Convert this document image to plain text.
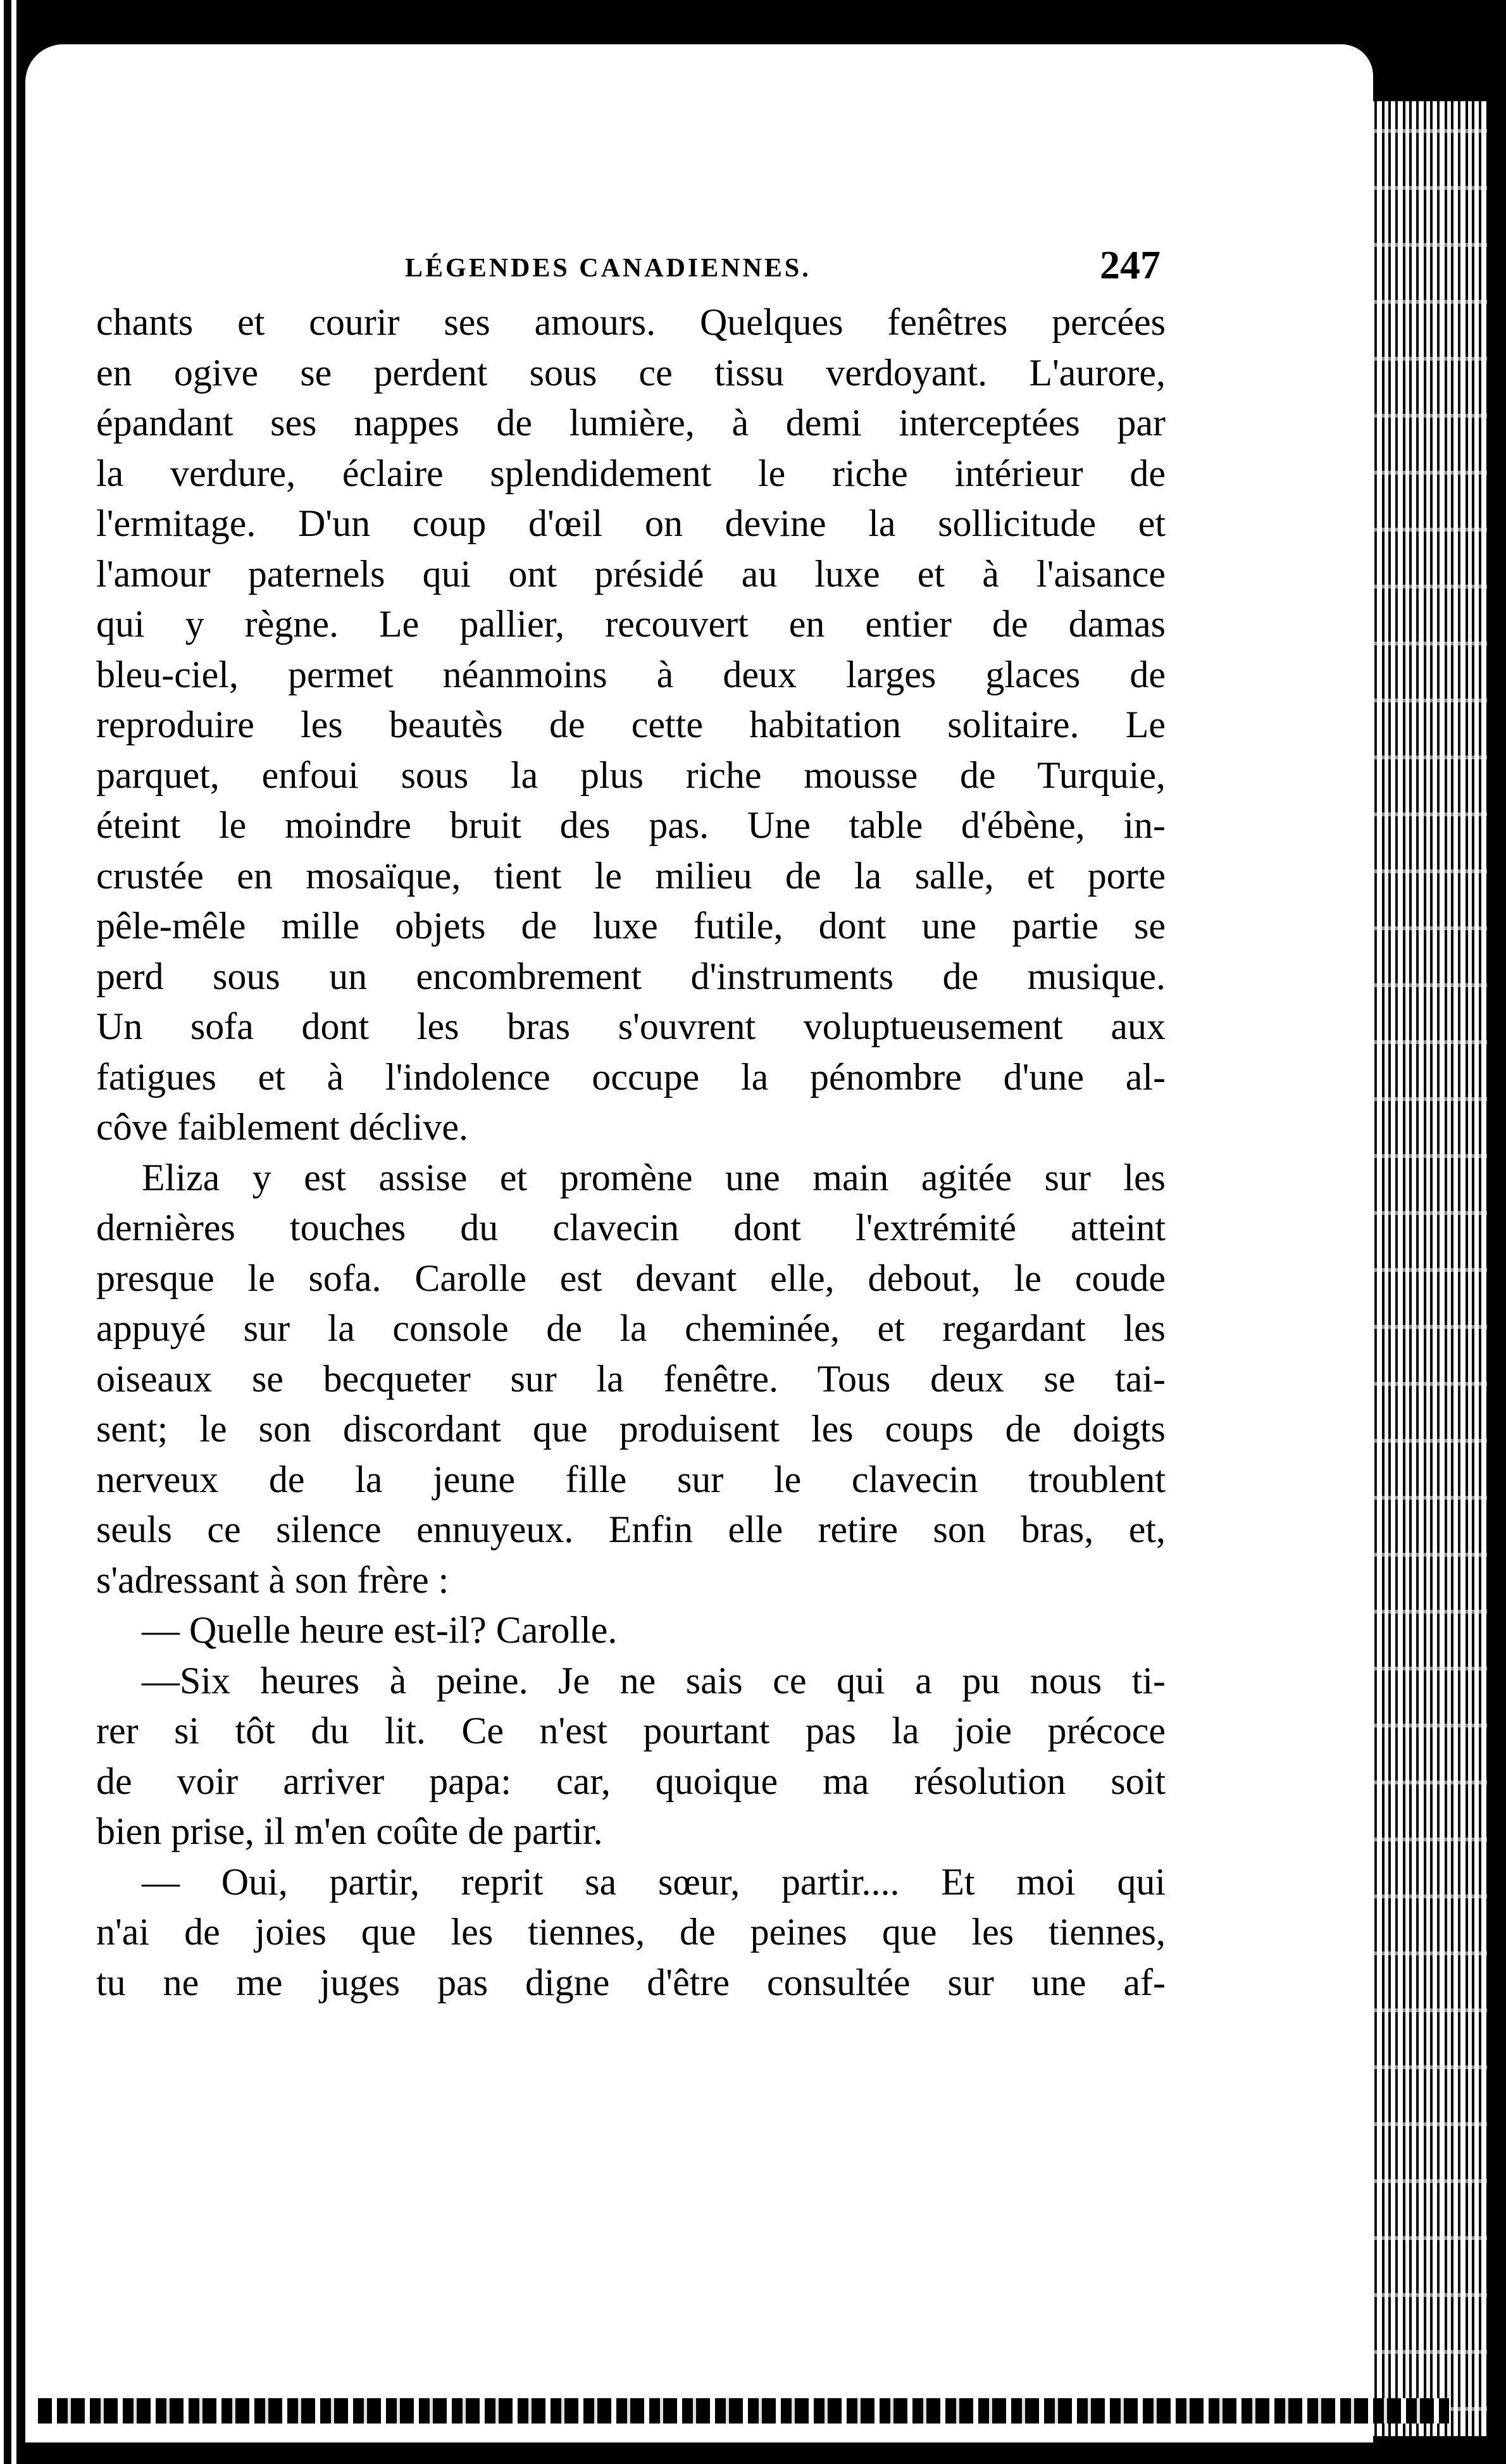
LÉGENDES CANADIENNES.	247
chants et courir ses amours. Quelques fenêtres percées
en ogive se perdent sous ce tissu verdoyant. L'aurore,
épandant ses nappes de lumière, à demi interceptées par
la verdure, éclaire splendidement le riche intérieur de
l'ermitage. D'un coup d'œil on devine la sollicitude et
l'amour paternels qui ont présidé au luxe et à l'aisance
qui y règne. Le pallier, recouvert en entier de damas
bleu-ciel, permet néanmoins à deux larges glaces de
reproduire les beautès de cette habitation solitaire. Le
parquet, enfoui sous la plus riche mousse de Turquie,
éteint le moindre bruit des pas. Une table d'ébène, in-
crustée en mosaïque, tient le milieu de la salle, et porte
pêle-mêle mille objets de luxe futile, dont une partie se
perd sous un encombrement d'instruments de musique.
Un sofa dont les bras s'ouvrent voluptueusement aux
fatigues et à l'indolence occupe la pénombre d'une al-
côve faiblement déclive.
Eliza y est assise et promène une main agitée sur les
dernières touches du clavecin dont l'extrémité atteint
presque le sofa. Carolle est devant elle, debout, le coude
appuyé sur la console de la cheminée, et regardant les
oiseaux se becqueter sur la fenêtre. Tous deux se tai-
sent; le son discordant que produisent les coups de doigts
nerveux de la jeune fille sur le clavecin troublent
seuls ce silence ennuyeux. Enfin elle retire son bras, et,
s'adressant à son frère :
— Quelle heure est-il? Carolle.
—Six heures à peine. Je ne sais ce qui a pu nous ti-
rer si tôt du lit. Ce n'est pourtant pas la joie précoce
de voir arriver papa: car, quoique ma résolution soit
bien prise, il m'en coûte de partir.
— Oui, partir, reprit sa sœur, partir.... Et moi qui
n'ai de joies que les tiennes, de peines que les tiennes,
tu ne me juges pas digne d'être consultée sur une af-
